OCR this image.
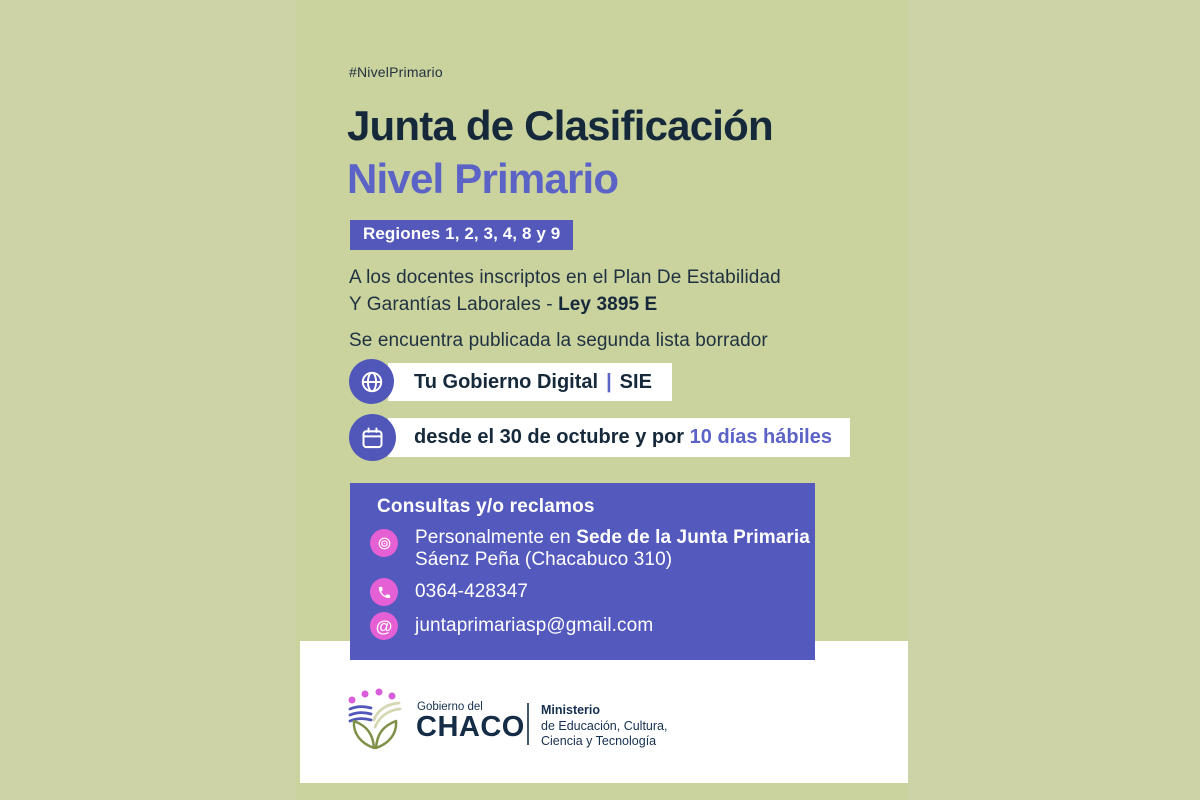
#NivelPrimario
Junta de Clasificación
Nivel Primario
Regiones 1, 2, 3, 4, 8 y 9

A los docentes inscriptos en el Plan De Estabilidad
Y Garantías Laborales - Ley 3895 E

Se encuentra publicada la segunda lista borrador

Tu Gobierno Digital | SIE
desde el 30 de octubre y por 10 días hábiles
Consultas y/o reclamos
Personalmente en Sede de la Junta Primaria
Sáenz Peña (Chacabuco 310)
0364-428347
@ juntaprimariasp@gmail.com
Gobierno del
CHACO
Ministerio
de Educación, Cultura,
Ciencia y Tecnología
